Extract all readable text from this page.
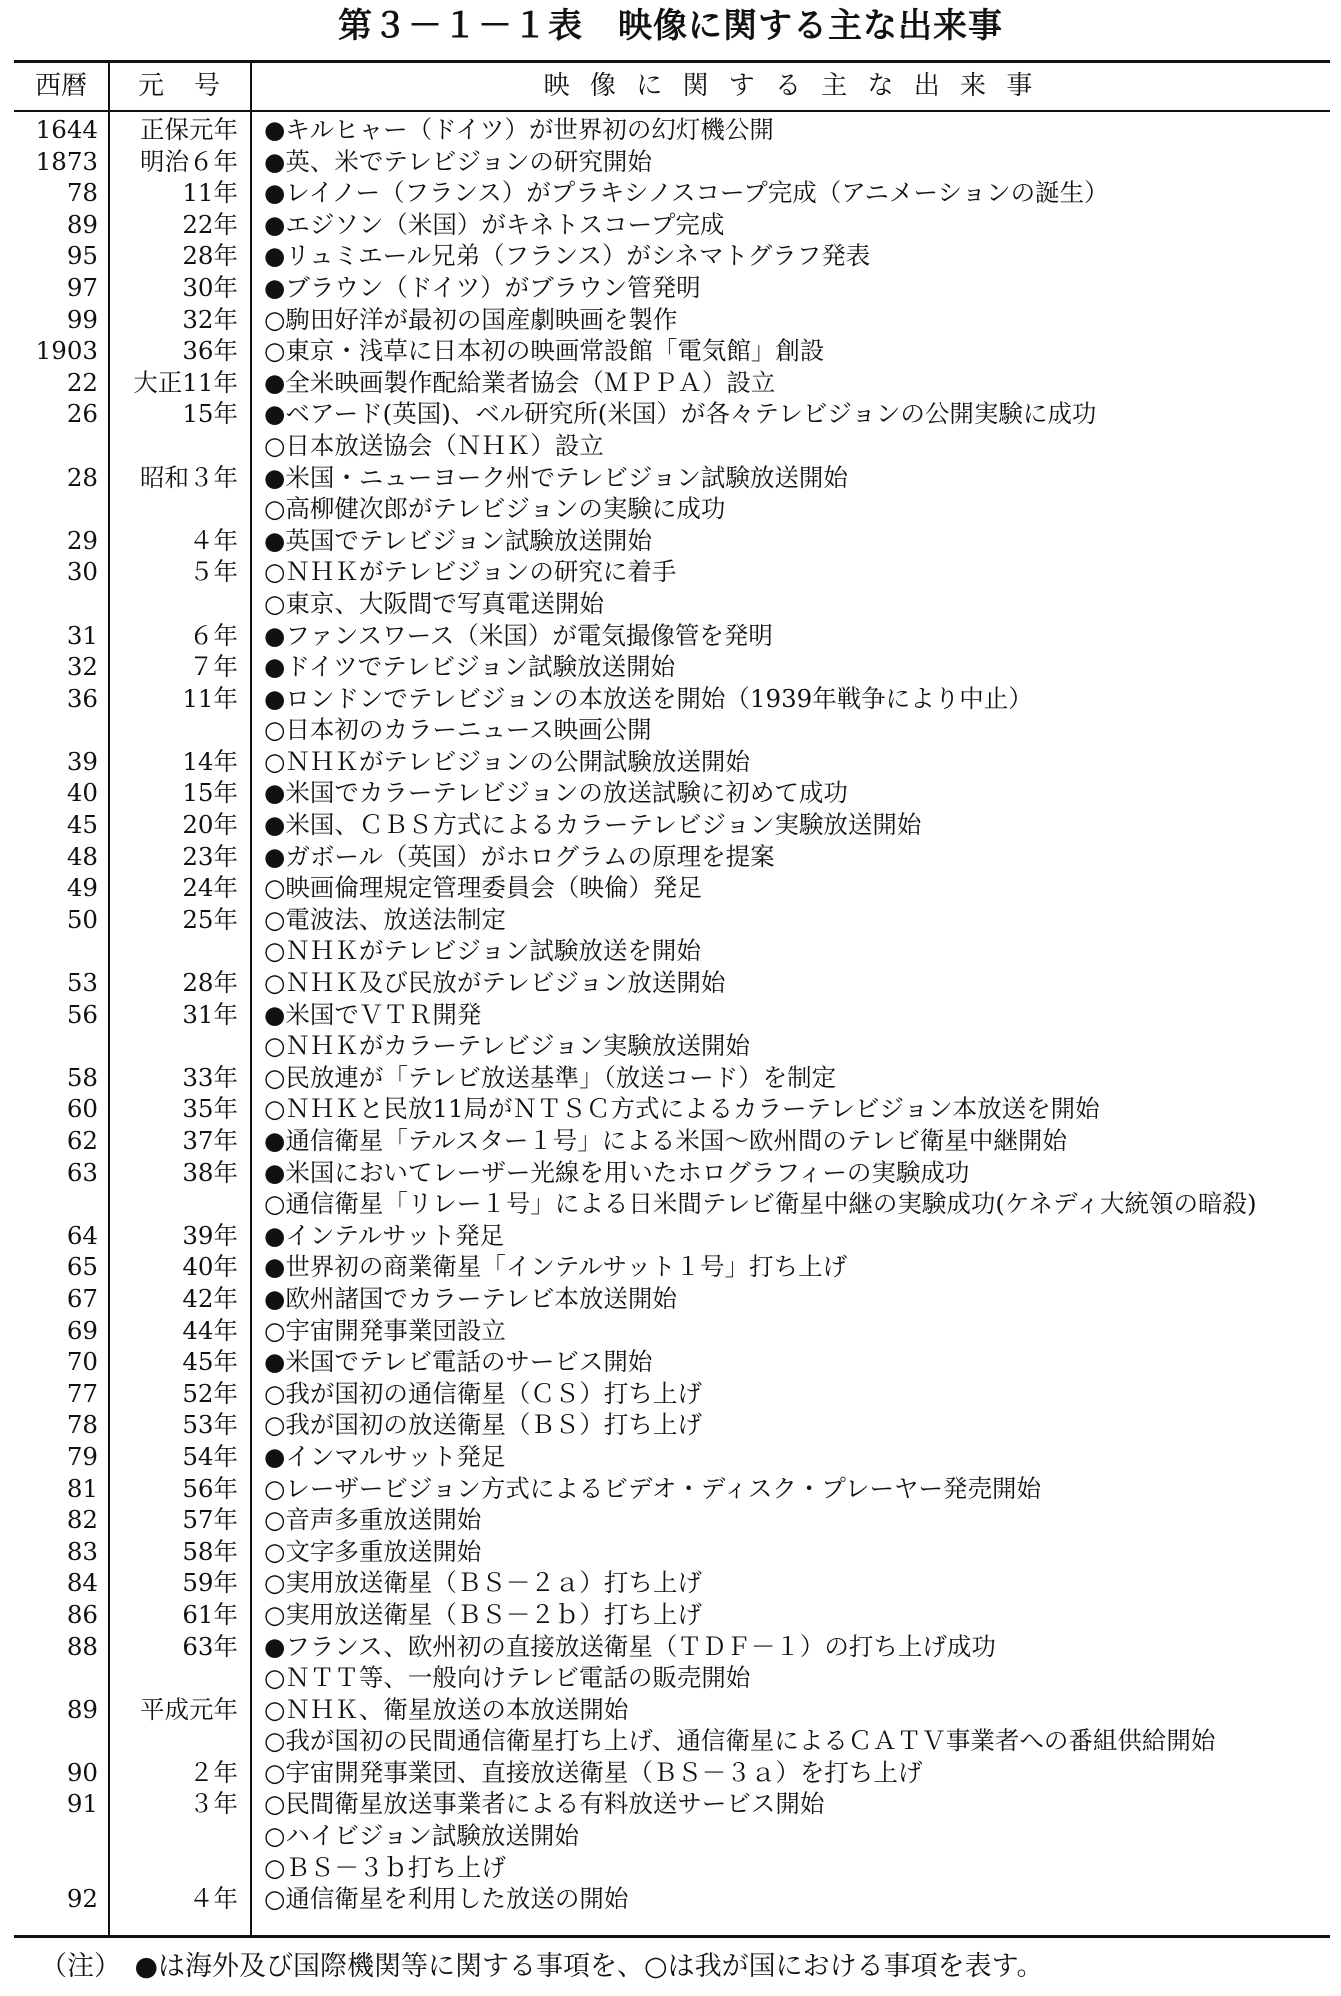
第３－１－１表　映像に関する主な出来事
西暦	元　号	映 像 に 関 す る 主 な 出 来 事
1644	正保元年 ●キルヒャー（ドイツ）が世界初の幻灯機公開
1873	明治６年 ●英、米でテレビジョンの研究開始
78	11年 ●レイノー（フランス）がプラキシノスコープ完成（アニメーションの誕生）
89	22年 ●エジソン（米国）がキネトスコープ完成
95	28年 ●リュミエール兄弟（フランス）がシネマトグラフ発表
97	30年 ●ブラウン（ドイツ）がブラウン管発明
99	32年 ○駒田好洋が最初の国産劇映画を製作
1903	36年 ○東京・浅草に日本初の映画常設館「電気館」創設
22	大正11年 ●全米映画製作配給業者協会（ＭＰＰＡ）設立
26	15年 ●ベアード(英国)、ベル研究所(米国）が各々テレビジョンの公開実験に成功
○日本放送協会（ＮＨＫ）設立
28	昭和３年 ●米国・ニューヨーク州でテレビジョン試験放送開始
○高柳健次郎がテレビジョンの実験に成功
29	４年 ●英国でテレビジョン試験放送開始
30	５年 ○ＮＨＫがテレビジョンの研究に着手
○東京、大阪間で写真電送開始
31	６年 ●ファンスワース（米国）が電気撮像管を発明
32	７年 ●ドイツでテレビジョン試験放送開始
36	11年 ●ロンドンでテレビジョンの本放送を開始（1939年戦争により中止）
○日本初のカラーニュース映画公開
39	14年 ○ＮＨＫがテレビジョンの公開試験放送開始
40	15年 ●米国でカラーテレビジョンの放送試験に初めて成功
45	20年 ●米国、ＣＢＳ方式によるカラーテレビジョン実験放送開始
48	23年 ●ガボール（英国）がホログラムの原理を提案
49	24年 ○映画倫理規定管理委員会（映倫）発足
50	25年 ○電波法、放送法制定
○ＮＨＫがテレビジョン試験放送を開始
53	28年 ○ＮＨＫ及び民放がテレビジョン放送開始
56	31年 ●米国でＶＴＲ開発
○ＮＨＫがカラーテレビジョン実験放送開始
58	33年 ○民放連が「テレビ放送基準」（放送コード）を制定
60	35年 ○ＮＨＫと民放11局がＮＴＳＣ方式によるカラーテレビジョン本放送を開始
62	37年 ●通信衛星「テルスター１号」による米国～欧州間のテレビ衛星中継開始
63	38年 ●米国においてレーザー光線を用いたホログラフィーの実験成功
○通信衛星「リレー１号」による日米間テレビ衛星中継の実験成功(ケネディ大統領の暗殺)
64	39年 ●インテルサット発足
65	40年 ●世界初の商業衛星「インテルサット１号」打ち上げ
67	42年 ●欧州諸国でカラーテレビ本放送開始
69	44年 ○宇宙開発事業団設立
70	45年 ●米国でテレビ電話のサービス開始
77	52年 ○我が国初の通信衛星（ＣＳ）打ち上げ
78	53年 ○我が国初の放送衛星（ＢＳ）打ち上げ
79	54年 ●インマルサット発足
81	56年 ○レーザービジョン方式によるビデオ・ディスク・プレーヤー発売開始
82	57年 ○音声多重放送開始
83	58年 ○文字多重放送開始
84	59年 ○実用放送衛星（ＢＳ－２ａ）打ち上げ
86	61年 ○実用放送衛星（ＢＳ－２ｂ）打ち上げ
88	63年 ●フランス、欧州初の直接放送衛星（ＴＤＦ－１）の打ち上げ成功
○ＮＴＴ等、一般向けテレビ電話の販売開始
89	平成元年 ○ＮＨＫ、衛星放送の本放送開始
○我が国初の民間通信衛星打ち上げ、通信衛星によるＣＡＴＶ事業者への番組供給開始
90	２年 ○宇宙開発事業団、直接放送衛星（ＢＳ－３ａ）を打ち上げ
91	３年 ○民間衛星放送事業者による有料放送サービス開始
○ハイビジョン試験放送開始
○ＢＳ－３ｂ打ち上げ
92	４年 ○通信衛星を利用した放送の開始
（注）　●は海外及び国際機関等に関する事項を、○は我が国における事項を表す。
